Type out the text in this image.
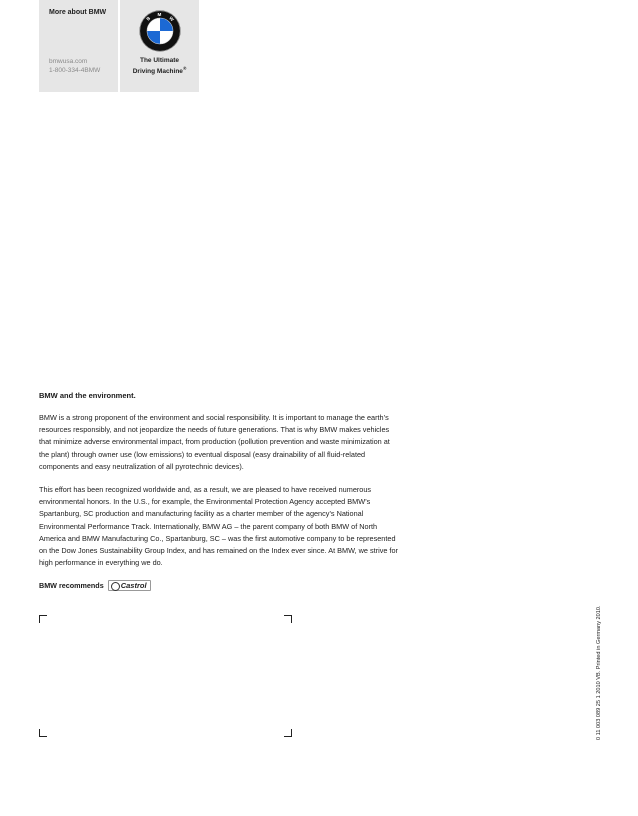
More about BMW
bmwusa.com
1-800-334-4BMW
B
M
W
The Ultimate
Driving Machine®
BMW and the environment.

BMW is a strong proponent of the environment and social responsibility. It is important to manage the earth’s resources responsibly, and not jeopardize the needs of future generations. That is why BMW makes vehicles that minimize adverse environmental impact, from production (pollution prevention and waste minimization at the plant) through owner use (low emissions) to eventual disposal (easy drainability of all fluid-related components and easy neutralization of all pyrotechnic devices).

This effort has been recognized worldwide and, as a result, we are pleased to have received numerous environmental honors. In the U.S., for example, the Environmental Protection Agency accepted BMW’s Spartanburg, SC production and manufacturing facility as a charter member of the agency’s National Environmental Performance Track. Internationally, BMW AG – the parent company of both BMW of North America and BMW Manufacturing Co., Spartanburg, SC – was the first automotive company to be represented on the Dow Jones Sustainability Group Index, and has remained on the Index ever since. At BMW, we strive for high performance in everything we do.

BMW recommends	Castrol
0 11 003 089 25 1 2010 VB. Printed in Germany 2010.
